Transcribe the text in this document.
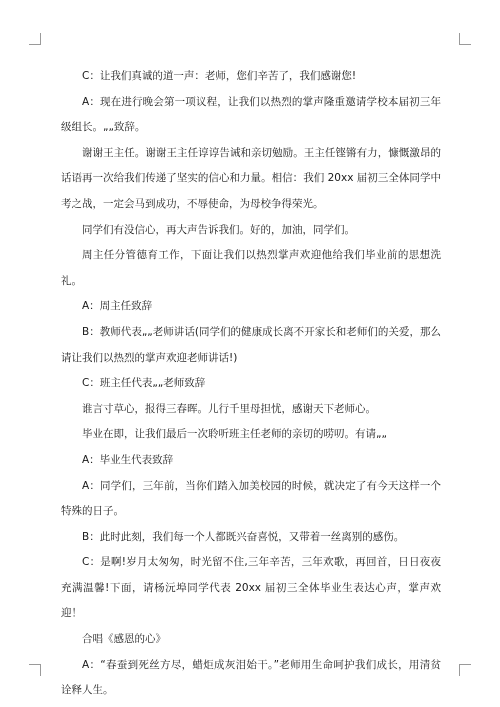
C：让我们真诚的道一声：老师，您们辛苦了，我们感谢您!

A：现在进行晚会第一项议程，让我们以热烈的掌声隆重邀请学校本届初三年级组长。„„致辞。

谢谢王主任。谢谢王主任谆谆告诫和亲切勉励。王主任铿锵有力，慷慨激昂的话语再一次给我们传递了坚实的信心和力量。相信：我们 20xx 届初三全体同学中考之战，一定会马到成功，不辱使命，为母校争得荣光。

同学们有没信心，再大声告诉我们。好的，加油，同学们。

周主任分管德育工作，下面让我们以热烈掌声欢迎他给我们毕业前的思想洗礼。

A：周主任致辞

B：教师代表„„老师讲话(同学们的健康成长离不开家长和老师们的关爱，那么请让我们以热烈的掌声欢迎老师讲话!)

C：班主任代表„„老师致辞

谁言寸草心，报得三春晖。儿行千里母担忧，感谢天下老师心。

毕业在即，让我们最后一次聆听班主任老师的亲切的唠叨。有请„„

A：毕业生代表致辞

A：同学们，三年前，当你们踏入加美校园的时候，就决定了有今天这样一个特殊的日子。

B：此时此刻，我们每一个人都既兴奋喜悦，又带着一丝离别的感伤。

C：是啊!岁月太匆匆，时光留不住,三年辛苦，三年欢歌，再回首，日日夜夜充满温馨!下面，请杨沅埠同学代表 20xx 届初三全体毕业生表达心声，掌声欢迎！

合唱《感恩的心》

A：“春蚕到死丝方尽，蜡炬成灰泪始干。”老师用生命呵护我们成长，用清贫诠释人生。
